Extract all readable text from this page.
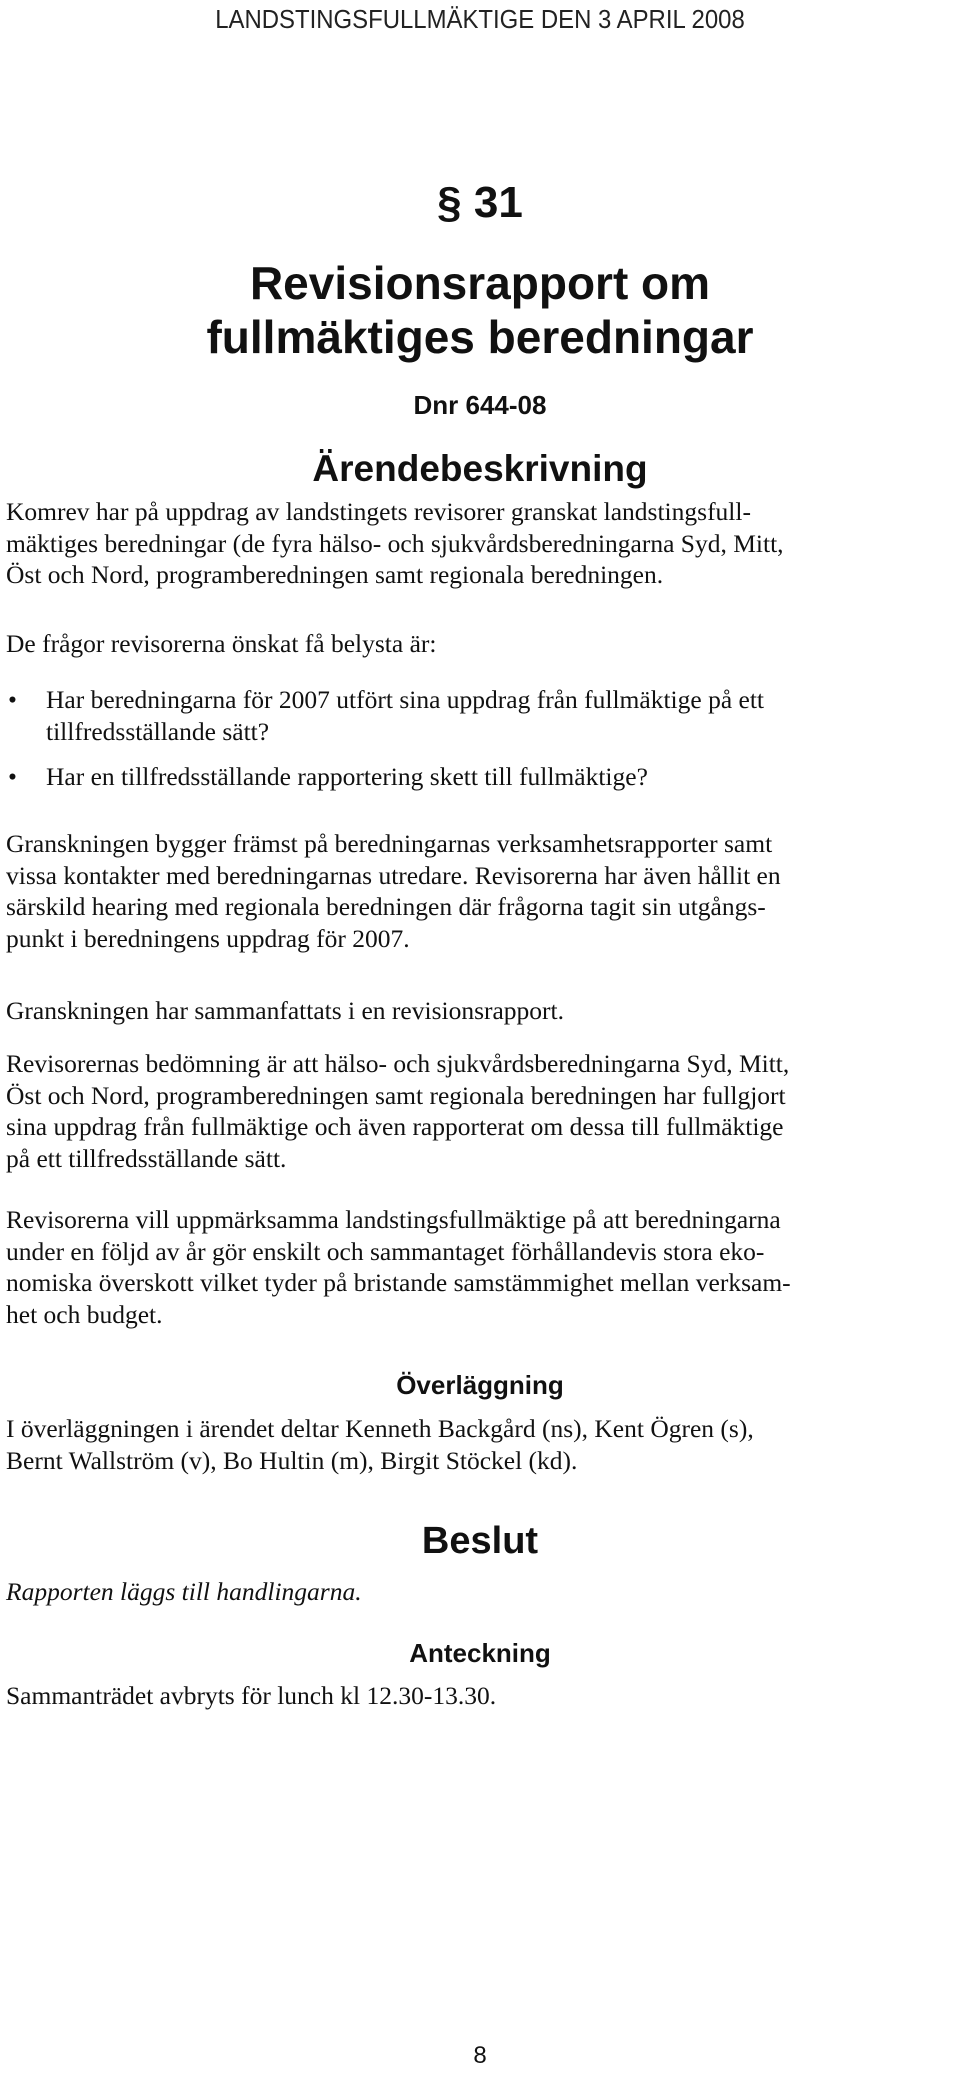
LANDSTINGSFULLMÄKTIGE DEN 3 APRIL 2008
§ 31
Revisionsrapport om
fullmäktiges beredningar
Dnr 644-08
Ärendebeskrivning
Komrev har på uppdrag av landstingets revisorer granskat landstingsfull-
mäktiges beredningar (de fyra hälso- och sjukvårdsberedningarna Syd, Mitt,
Öst och Nord, programberedningen samt regionala beredningen.
De frågor revisorerna önskat få belysta är:
• Har beredningarna för 2007 utfört sina uppdrag från fullmäktige på ett
tillfredsställande sätt?
• Har en tillfredsställande rapportering skett till fullmäktige?
Granskningen bygger främst på beredningarnas verksamhetsrapporter samt
vissa kontakter med beredningarnas utredare. Revisorerna har även hållit en
särskild hearing med regionala beredningen där frågorna tagit sin utgångs-
punkt i beredningens uppdrag för 2007.
Granskningen har sammanfattats i en revisionsrapport.
Revisorernas bedömning är att hälso- och sjukvårdsberedningarna Syd, Mitt,
Öst och Nord, programberedningen samt regionala beredningen har fullgjort
sina uppdrag från fullmäktige och även rapporterat om dessa till fullmäktige
på ett tillfredsställande sätt.
Revisorerna vill uppmärksamma landstingsfullmäktige på att beredningarna
under en följd av år gör enskilt och sammantaget förhållandevis stora eko-
nomiska överskott vilket tyder på bristande samstämmighet mellan verksam-
het och budget.
Överläggning
I överläggningen i ärendet deltar Kenneth Backgård (ns), Kent Ögren (s),
Bernt Wallström (v), Bo Hultin (m), Birgit Stöckel (kd).
Beslut
Rapporten läggs till handlingarna.
Anteckning
Sammanträdet avbryts för lunch kl 12.30-13.30.
8
